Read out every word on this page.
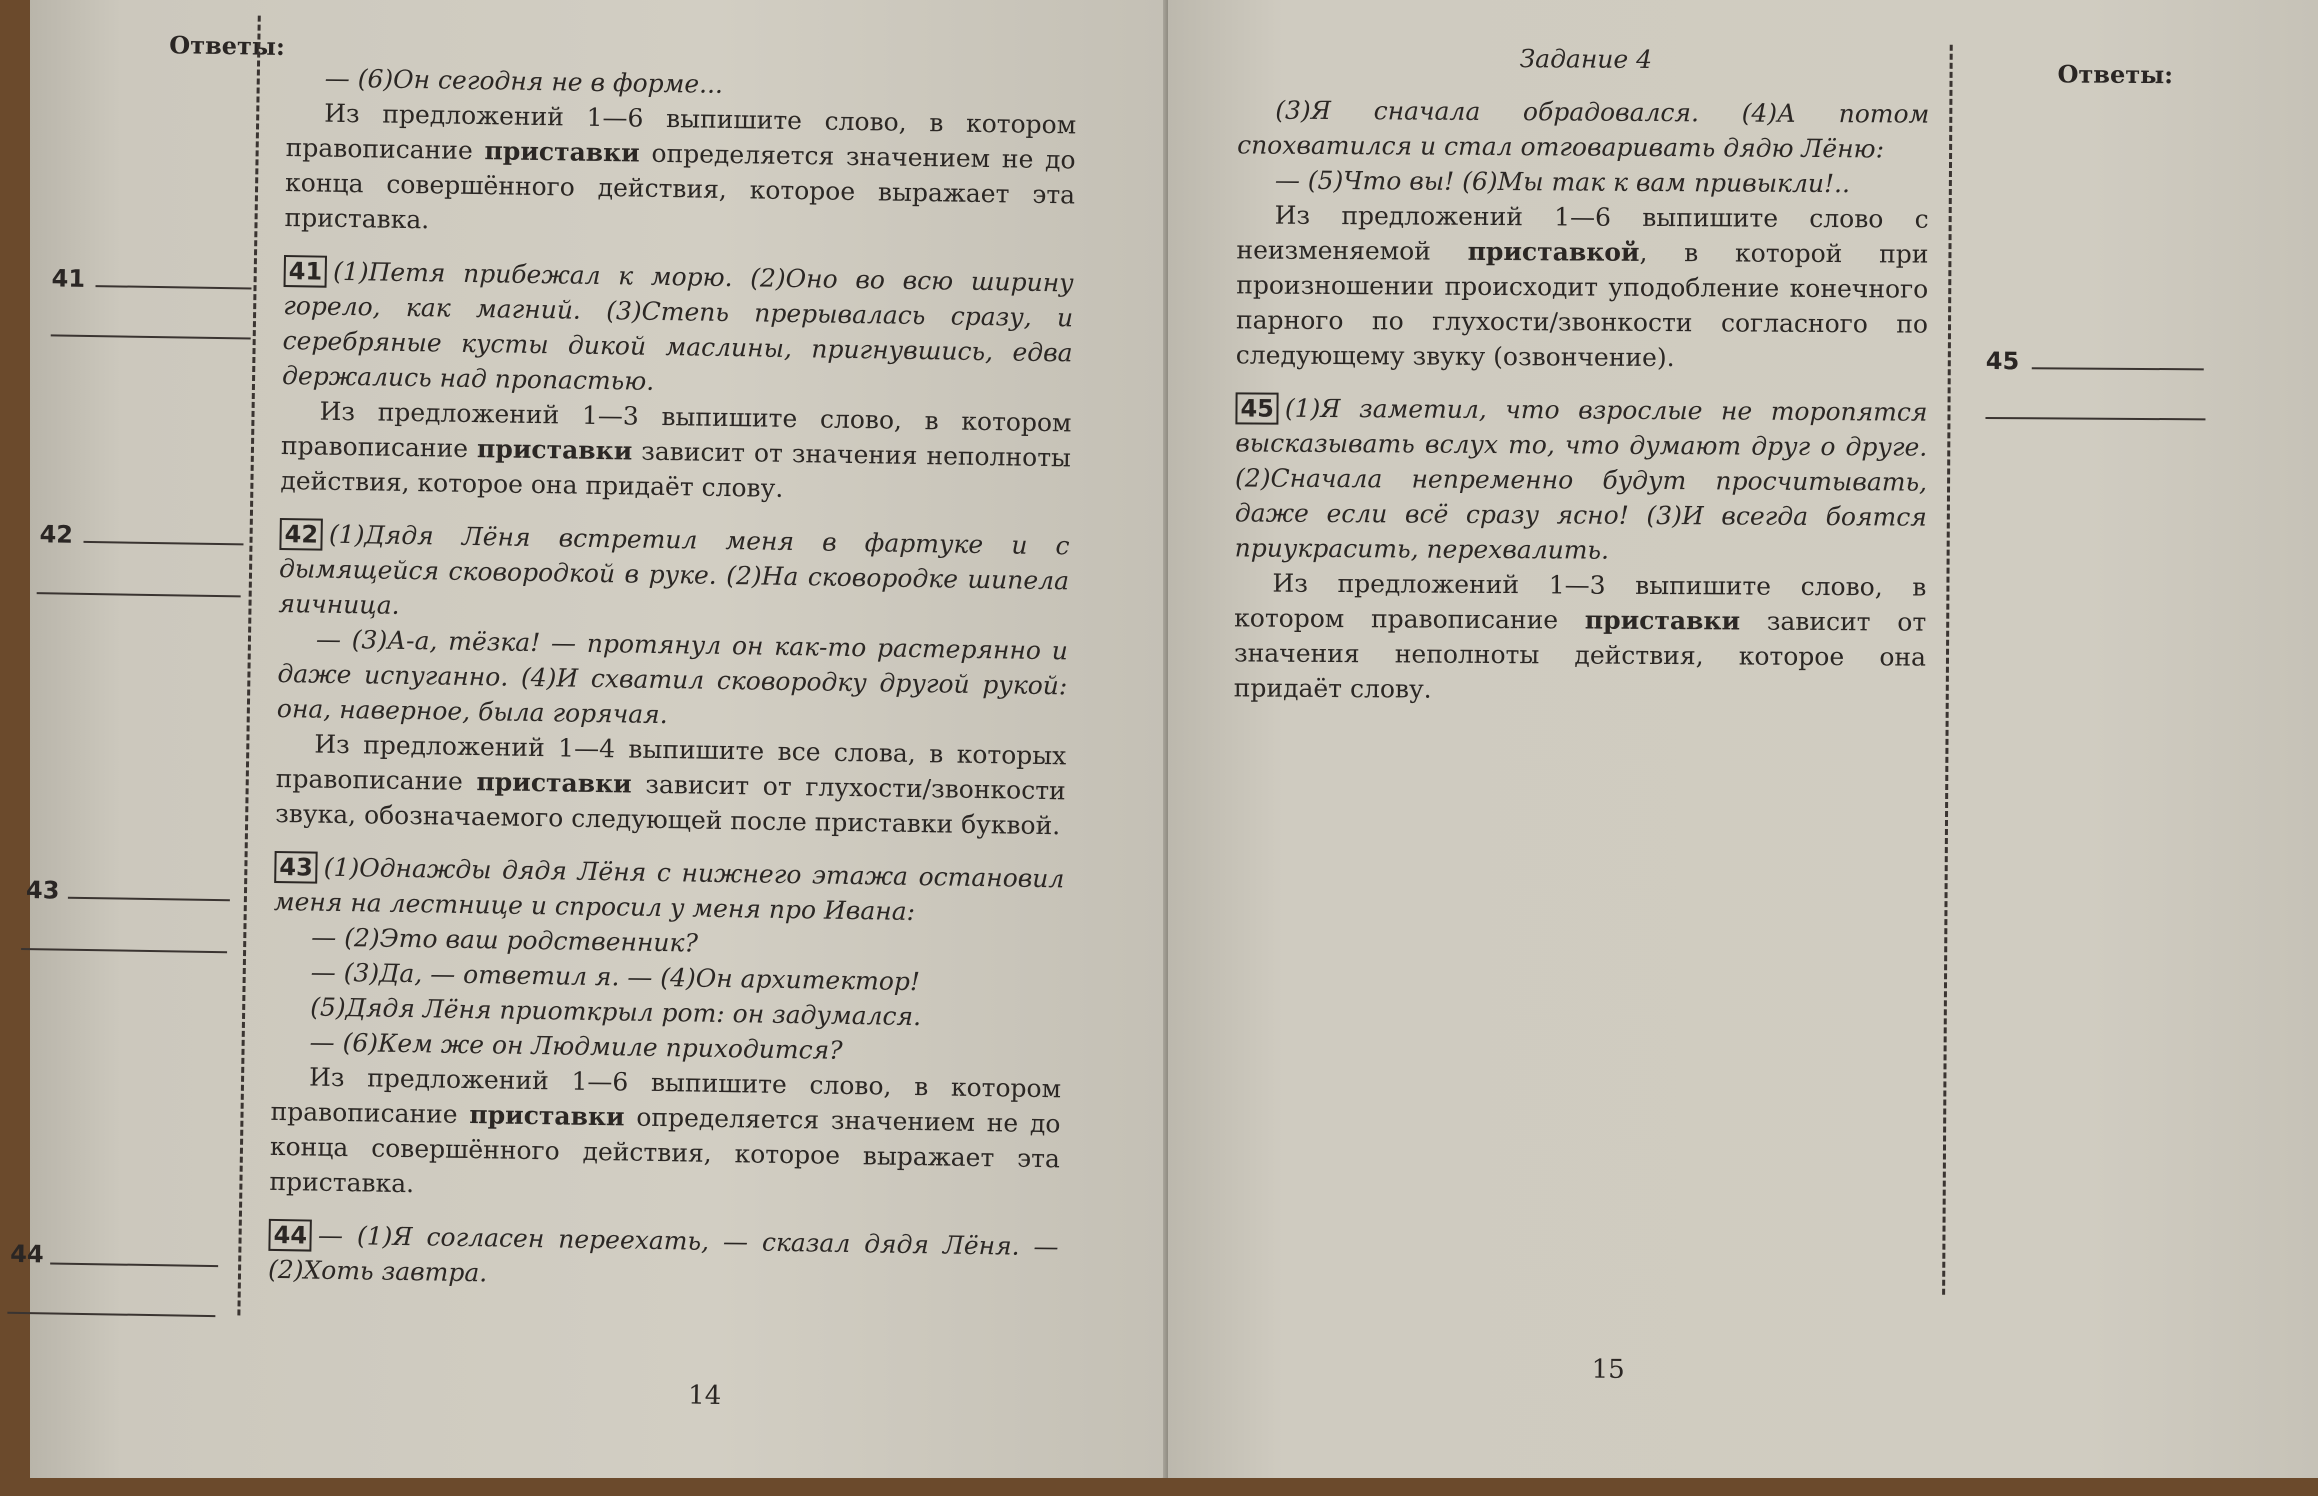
Ответы:
41
42
43
44

— (6)Он сегодня не в форме...

Из предложений 1—6 выпишите слово, в котором правописание приставки определяется значением не до конца совершённого действия, которое выражает эта приставка.

41 (1)Петя прибежал к морю. (2)Оно во всю ширину горело, как магний. (3)Степь прерывалась сразу, и серебряные кусты дикой маслины, пригнувшись, едва держались над пропастью.

Из предложений 1—3 выпишите слово, в котором правописание приставки зависит от значения неполноты действия, которое она придаёт слову.

42 (1)Дядя Лёня встретил меня в фартуке и с дымящейся сковородкой в руке. (2)На сковородке шипела яичница.

— (3)А-а, тёзка! — протянул он как-то растерянно и даже испуганно. (4)И схватил сковородку другой рукой: она, наверное, была горячая.

Из предложений 1—4 выпишите все слова, в которых правописание приставки зависит от глухости/звонкости звука, обозначаемого следующей после приставки буквой.

43 (1)Однажды дядя Лёня с нижнего этажа остановил меня на лестнице и спросил у меня про Ивана:

— (2)Это ваш родственник?

— (3)Да, — ответил я. — (4)Он архитектор!

(5)Дядя Лёня приоткрыл рот: он задумался.

— (6)Кем же он Людмиле приходится?

Из предложений 1—6 выпишите слово, в котором правописание приставки определяется значением не до конца совершённого действия, которое выражает эта приставка.

44 — (1)Я согласен переехать, — сказал дядя Лёня. — (2)Хоть завтра.

14
Задание 4
Ответы:
45

(3)Я сначала обрадовался. (4)А потом спохватился и стал отговаривать дядю Лёню:

— (5)Что вы! (6)Мы так к вам привыкли!..

Из предложений 1—6 выпишите слово с неизменяемой приставкой, в которой при произношении происходит уподобление конечного парного по глухости/звонкости согласного по следующему звуку (озвончение).

45 (1)Я заметил, что взрослые не торопятся высказывать вслух то, что думают друг о друге. (2)Сначала непременно будут просчитывать, даже если всё сразу ясно! (3)И всегда боятся приукрасить, перехвалить.

Из предложений 1—3 выпишите слово, в котором правописание приставки зависит от значения неполноты действия, которое она придаёт слову.

15
